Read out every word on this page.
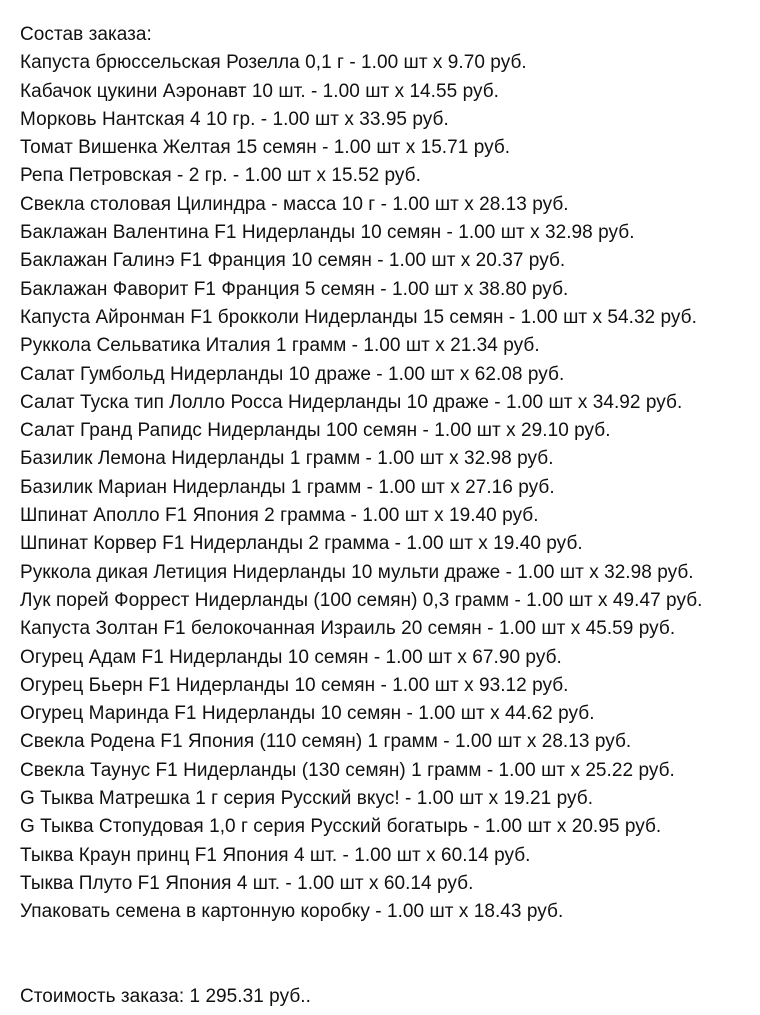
Состав заказа:
Капуста брюссельская Розелла 0,1 г - 1.00 шт x 9.70 руб.
Кабачок цукини Аэронавт 10 шт. - 1.00 шт x 14.55 руб.
Морковь Нантская 4 10 гр. - 1.00 шт x 33.95 руб.
Томат Вишенка Желтая 15 семян - 1.00 шт x 15.71 руб.
Репа Петровская - 2 гр. - 1.00 шт x 15.52 руб.
Свекла столовая Цилиндра - масса 10 г - 1.00 шт x 28.13 руб.
Баклажан Валентина F1 Нидерланды 10 семян - 1.00 шт x 32.98 руб.
Баклажан Галинэ F1 Франция 10 семян - 1.00 шт x 20.37 руб.
Баклажан Фаворит F1 Франция 5 семян - 1.00 шт x 38.80 руб.
Капуста Айронман F1 брокколи Нидерланды 15 семян - 1.00 шт x 54.32 руб.
Руккола Сельватика Италия 1 грамм - 1.00 шт x 21.34 руб.
Салат Гумбольд Нидерланды 10 драже - 1.00 шт x 62.08 руб.
Салат Туска тип Лолло Росса Нидерланды 10 драже - 1.00 шт x 34.92 руб.
Салат Гранд Рапидс Нидерланды 100 семян - 1.00 шт x 29.10 руб.
Базилик Лемона Нидерланды 1 грамм - 1.00 шт x 32.98 руб.
Базилик Мариан Нидерланды 1 грамм - 1.00 шт x 27.16 руб.
Шпинат Аполло F1 Япония 2 грамма - 1.00 шт x 19.40 руб.
Шпинат Корвер F1 Нидерланды 2 грамма - 1.00 шт x 19.40 руб.
Руккола дикая Летиция Нидерланды 10 мульти драже - 1.00 шт x 32.98 руб.
Лук порей Форрест Нидерланды (100 семян) 0,3 грамм - 1.00 шт x 49.47 руб.
Капуста Золтан F1 белокочанная Израиль 20 семян - 1.00 шт x 45.59 руб.
Огурец Адам F1 Нидерланды 10 семян - 1.00 шт x 67.90 руб.
Огурец Бьерн F1 Нидерланды 10 семян - 1.00 шт x 93.12 руб.
Огурец Маринда F1 Нидерланды 10 семян - 1.00 шт x 44.62 руб.
Свекла Родена F1 Япония (110 семян) 1 грамм - 1.00 шт x 28.13 руб.
Свекла Таунус F1 Нидерланды (130 семян) 1 грамм - 1.00 шт x 25.22 руб.
G Тыква Матрешка 1 г серия Русский вкус! - 1.00 шт x 19.21 руб.
G Тыква Стопудовая 1,0 г серия Русский богатырь - 1.00 шт x 20.95 руб.
Тыква Краун принц F1 Япония 4 шт. - 1.00 шт x 60.14 руб.
Тыква Плуто F1 Япония 4 шт. - 1.00 шт x 60.14 руб.
Упаковать семена в картонную коробку - 1.00 шт x 18.43 руб.
Стоимость заказа: 1 295.31 руб..
